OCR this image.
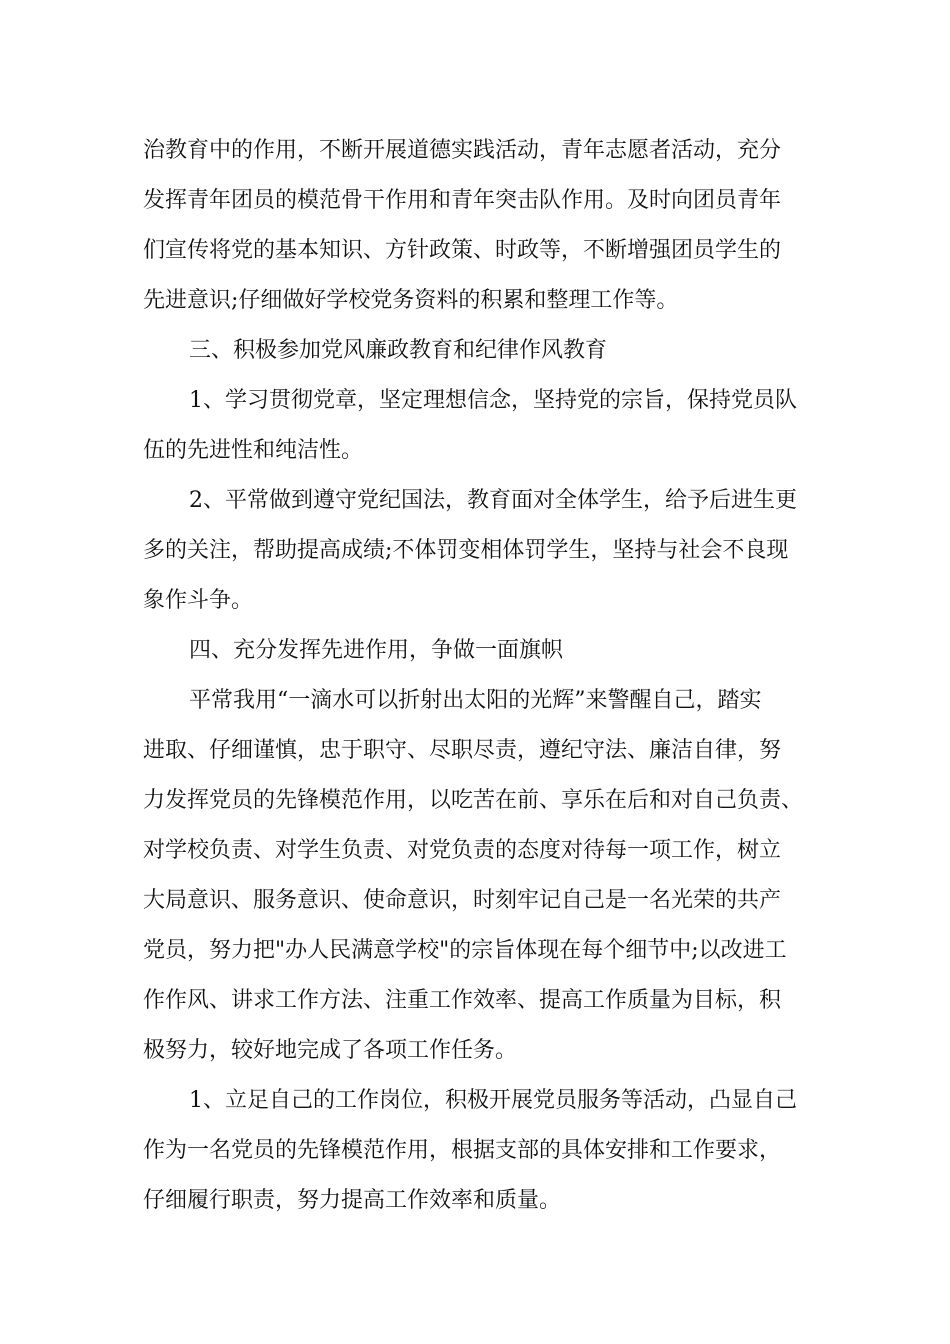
治教育中的作用，不断开展道德实践活动，青年志愿者活动，充分
发挥青年团员的模范骨干作用和青年突击队作用。及时向团员青年
们宣传将党的基本知识、方针政策、时政等，不断增强团员学生的
先进意识;仔细做好学校党务资料的积累和整理工作等。
三、积极参加党风廉政教育和纪律作风教育
1、学习贯彻党章，坚定理想信念，坚持党的宗旨，保持党员队
伍的先进性和纯洁性。
2、平常做到遵守党纪国法，教育面对全体学生，给予后进生更
多的关注，帮助提高成绩;不体罚变相体罚学生，坚持与社会不良现
象作斗争。
四、充分发挥先进作用，争做一面旗帜
平常我用“一滴水可以折射出太阳的光辉”来警醒自己，踏实
进取、仔细谨慎，忠于职守、尽职尽责，遵纪守法、廉洁自律，努
力发挥党员的先锋模范作用，以吃苦在前、享乐在后和对自己负责、
对学校负责、对学生负责、对党负责的态度对待每一项工作，树立
大局意识、服务意识、使命意识，时刻牢记自己是一名光荣的共产
党员，努力把"办人民满意学校"的宗旨体现在每个细节中;以改进工
作作风、讲求工作方法、注重工作效率、提高工作质量为目标，积
极努力，较好地完成了各项工作任务。
1、立足自己的工作岗位，积极开展党员服务等活动，凸显自己
作为一名党员的先锋模范作用，根据支部的具体安排和工作要求，
仔细履行职责，努力提高工作效率和质量。
